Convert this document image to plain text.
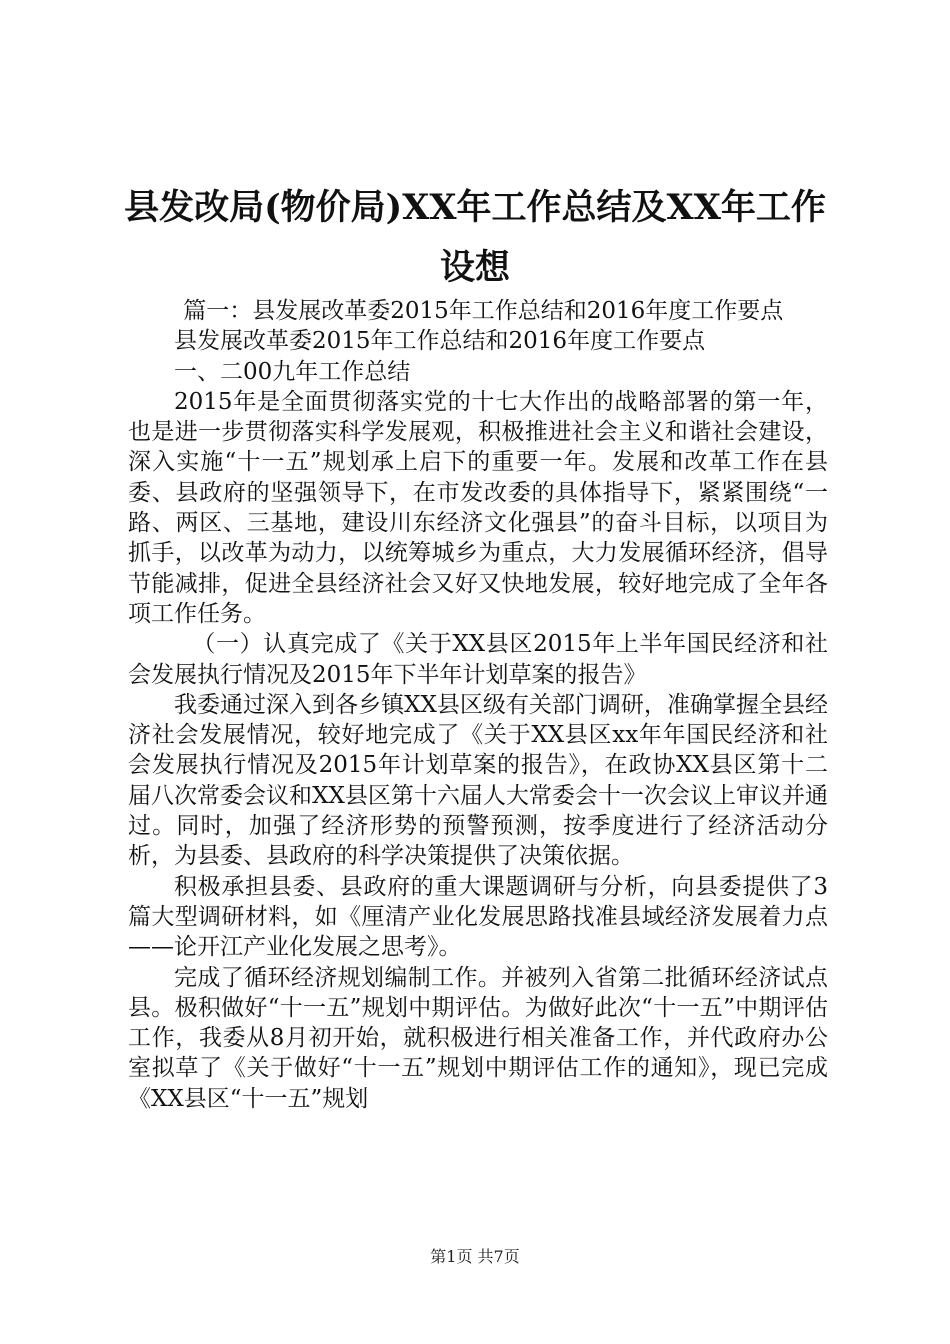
县发改局(物价局)XX年工作总结及XX年工作
设想

篇一：县发展改革委2015年工作总结和2016年度工作要点

县发展改革委2015年工作总结和2016年度工作要点

一、二00九年工作总结

2015年是全面贯彻落实党的十七大作出的战略部署的第一年，也是进一步贯彻落实科学发展观，积极推进社会主义和谐社会建设，深入实施“十一五”规划承上启下的重要一年。发展和改革工作在县委、县政府的坚强领导下，在市发改委的具体指导下，紧紧围绕“一路、两区、三基地，建设川东经济文化强县”的奋斗目标，以项目为抓手，以改革为动力，以统筹城乡为重点，大力发展循环经济，倡导节能减排，促进全县经济社会又好又快地发展，较好地完成了全年各项工作任务。

（一）认真完成了《关于XX县区2015年上半年国民经济和社会发展执行情况及2015年下半年计划草案的报告》

我委通过深入到各乡镇XX县区级有关部门调研，准确掌握全县经济社会发展情况，较好地完成了《关于XX县区xx年年国民经济和社会发展执行情况及2015年计划草案的报告》，在政协XX县区第十二届八次常委会议和XX县区第十六届人大常委会十一次会议上审议并通过。同时，加强了经济形势的预警预测，按季度进行了经济活动分析，为县委、县政府的科学决策提供了决策依据。

积极承担县委、县政府的重大课题调研与分析，向县委提供了3篇大型调研材料，如《厘清产业化发展思路找准县域经济发展着力点——论开江产业化发展之思考》。

完成了循环经济规划编制工作。并被列入省第二批循环经济试点县。极积做好“十一五”规划中期评估。为做好此次“十一五”中期评估工作，我委从8月初开始，就积极进行相关准备工作，并代政府办公室拟草了《关于做好“十一五”规划中期评估工作的通知》，现已完成《XX县区“十一五”规划

第1页 共7页
